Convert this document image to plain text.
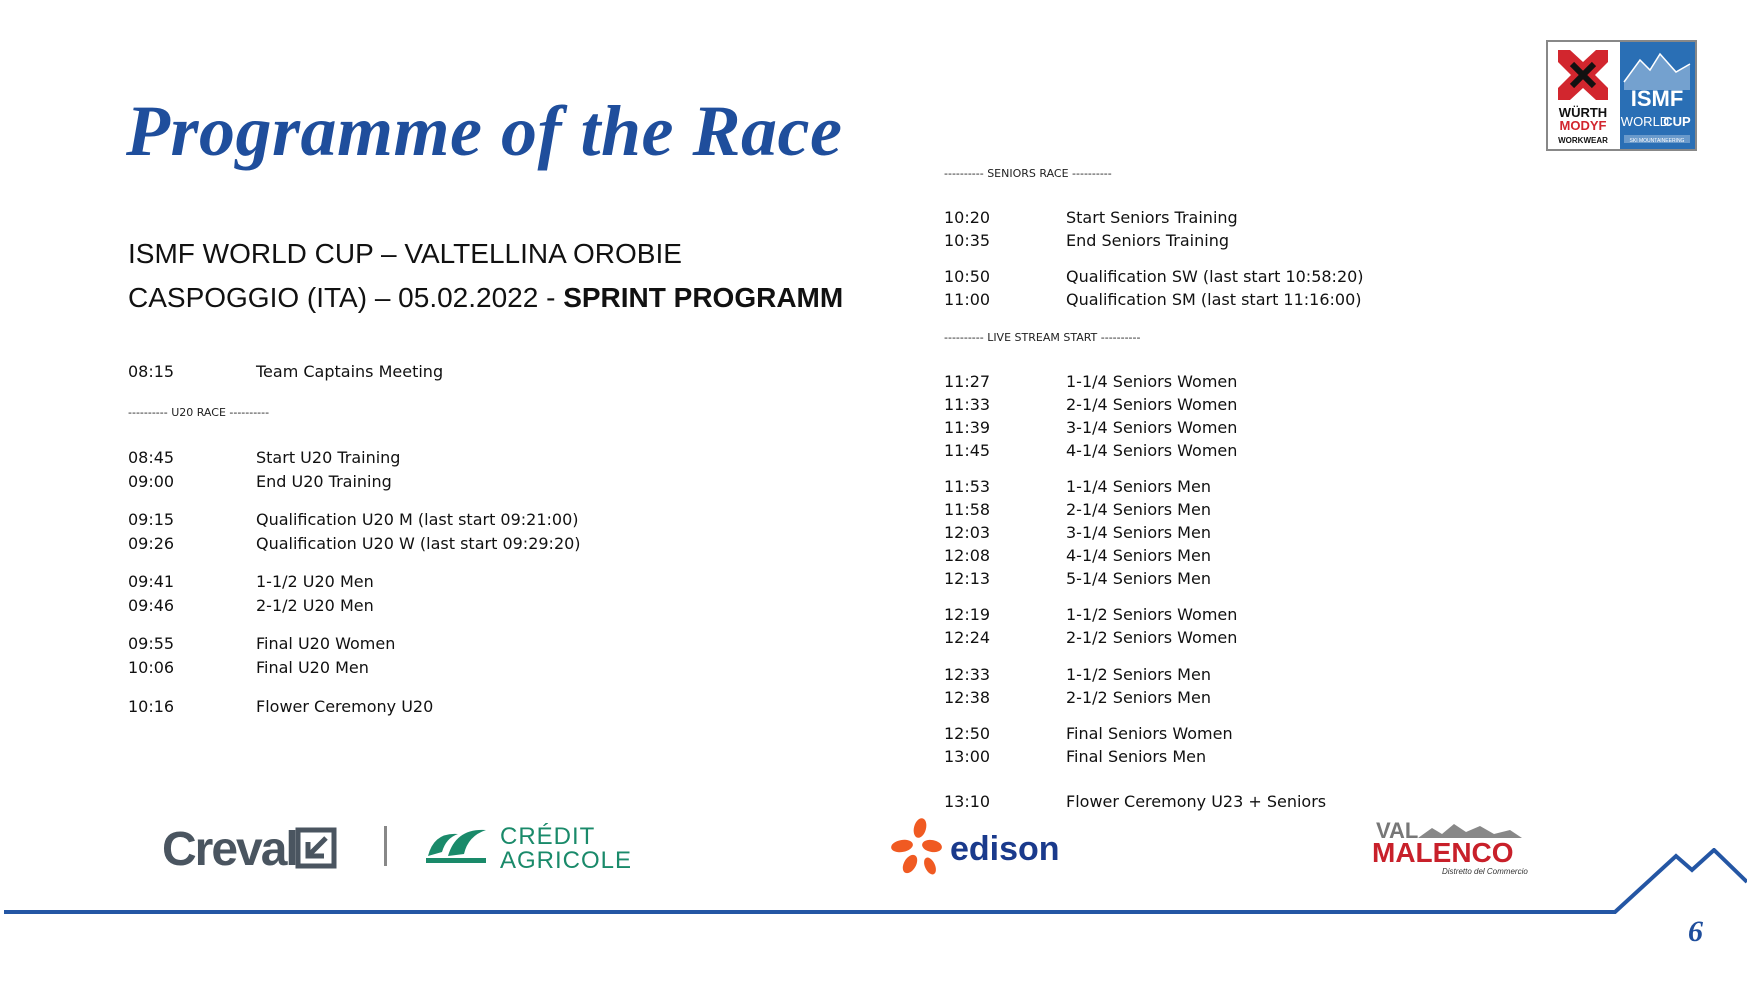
Programme of the Race	WÜRTH
MODYF
WORKWEAR
ISMF
WORLD
CUP
SKI MOUNTAINEERING
ISMF WORLD CUP – VALTELLINA OROBIE
CASPOGGIO (ITA) – 05.02.2022 - SPRINT PROGRAMM
08:15	Team Captains Meeting
---------- U20 RACE ----------
08:45	Start U20 Training
09:00	End U20 Training
09:15	Qualification U20 M (last start 09:21:00)
09:26	Qualification U20 W (last start 09:29:20)
09:41	1-1/2 U20 Men
09:46	2-1/2 U20 Men
09:55	Final U20 Women
10:06	Final U20 Men
10:16	Flower Ceremony U20
---------- SENIORS RACE ----------
10:20	Start Seniors Training
10:35	End Seniors Training
10:50	Qualification SW (last start 10:58:20)
11:00	Qualification SM (last start 11:16:00)
---------- LIVE STREAM START ----------
11:27	1-1/4 Seniors Women
11:33	2-1/4 Seniors Women
11:39	3-1/4 Seniors Women
11:45	4-1/4 Seniors Women
11:53	1-1/4 Seniors Men
11:58	2-1/4 Seniors Men
12:03	3-1/4 Seniors Men
12:08	4-1/4 Seniors Men
12:13	5-1/4 Seniors Men
12:19	1-1/2 Seniors Women
12:24	2-1/2 Seniors Women
12:33	1-1/2 Seniors Men
12:38	2-1/2 Seniors Men
12:50	Final Seniors Women
13:00	Final Seniors Men
13:10	Flower Ceremony U23 + Seniors
Creval	CRÉDIT
AGRICOLE	edison	VAL
MALENCO
Distretto del Commercio
6
